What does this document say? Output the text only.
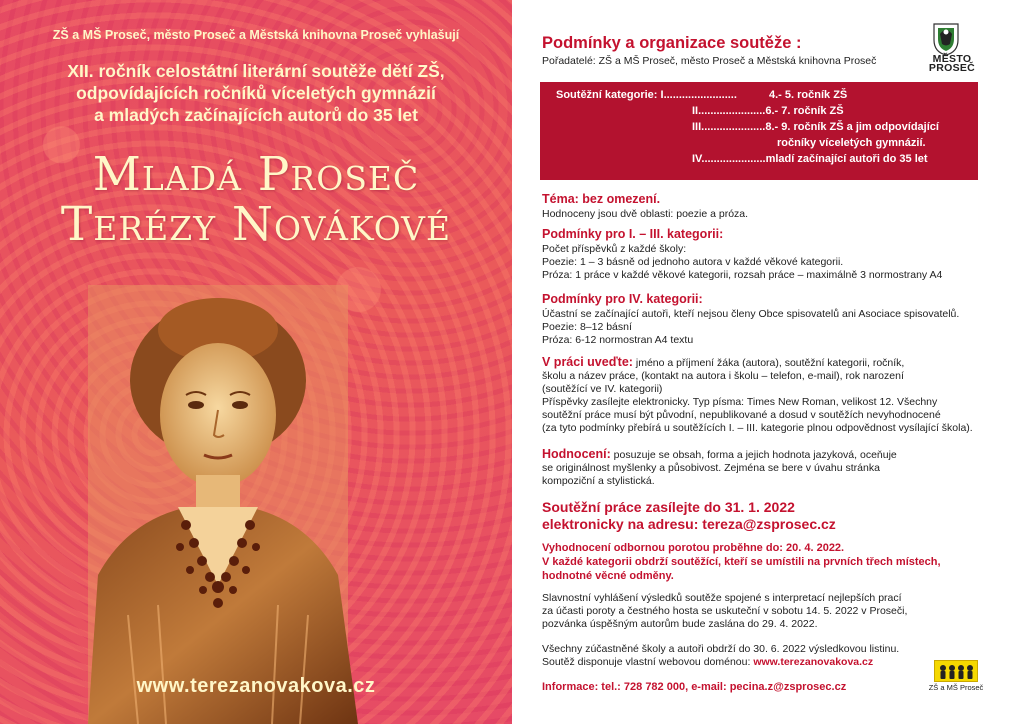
ZŠ a MŠ Proseč, město Proseč a Městská knihovna Proseč vyhlašují
XII. ročník celostátní literární soutěže dětí ZŠ,
odpovídajících ročníků víceletých gymnázií
a mladých začínajících autorů do 35 let
Mladá Proseč
Terézy Novákové
www.terezanovakova.cz
Podmínky a organizace soutěže :
Pořadatelé: ZŠ a MŠ Proseč, město Proseč a Městská knihovna Proseč	MĚSTO
PROSEČ
Soutěžní kategorie: I........................	4.- 5. ročník ZŠ
II......................6.- 7. ročník ZŠ
III.....................8.- 9. ročník ZŠ a jim odpovídající
ročníky víceletých gymnázií.
IV.....................mladí začínající autoři do 35 let
Téma: bez omezení.
Hodnoceny jsou dvě oblasti: poezie a próza.
Podmínky pro I. – III. kategorii:
Počet příspěvků z každé školy:
Poezie: 1 – 3 básně od jednoho autora v každé věkové kategorii.
Próza: 1 práce v každé věkové kategorii, rozsah práce – maximálně 3 normostrany A4
Podmínky pro IV. kategorii:
Účastní se začínající autoři, kteří nejsou členy Obce spisovatelů ani Asociace spisovatelů.
Poezie: 8–12 básní
Próza: 6-12 normostran A4 textu
V práci uveďte: jméno a příjmení žáka (autora), soutěžní kategorii, ročník,
školu a název práce, (kontakt na autora i školu – telefon, e-mail), rok narození
(soutěžící ve IV. kategorii)
Příspěvky zasílejte elektronicky. Typ písma: Times New Roman, velikost 12. Všechny
soutěžní práce musí být původní, nepublikované a dosud v soutěžích nevyhodnocené
(za tyto podmínky přebírá u soutěžících I. – III. kategorie plnou odpovědnost vysílající škola).
Hodnocení: posuzuje se obsah, forma a jejich hodnota jazyková, oceňuje
se originálnost myšlenky a působivost. Zejména se bere v úvahu stránka
kompoziční a stylistická.
Soutěžní práce zasílejte do 31. 1. 2022
elektronicky na adresu: tereza@zsprosec.cz
Vyhodnocení odbornou porotou proběhne do: 20. 4. 2022.
V každé kategorii obdrží soutěžící, kteří se umístili na prvních třech místech,
hodnotné věcné odměny.
Slavnostní vyhlášení výsledků soutěže spojené s interpretací nejlepších prací
za účasti poroty a čestného hosta se uskuteční v sobotu 14. 5. 2022 v Proseči,
pozvánka úspěšným autorům bude zaslána do 29. 4. 2022.
Všechny zúčastněné školy a autoři obdrží do 30. 6. 2022 výsledkovou listinu.
Soutěž disponuje vlastní webovou doménou: www.terezanovakova.cz
Informace: tel.: 728 782 000, e-mail: pecina.z@zsprosec.cz	ZŠ a MŠ Proseč
